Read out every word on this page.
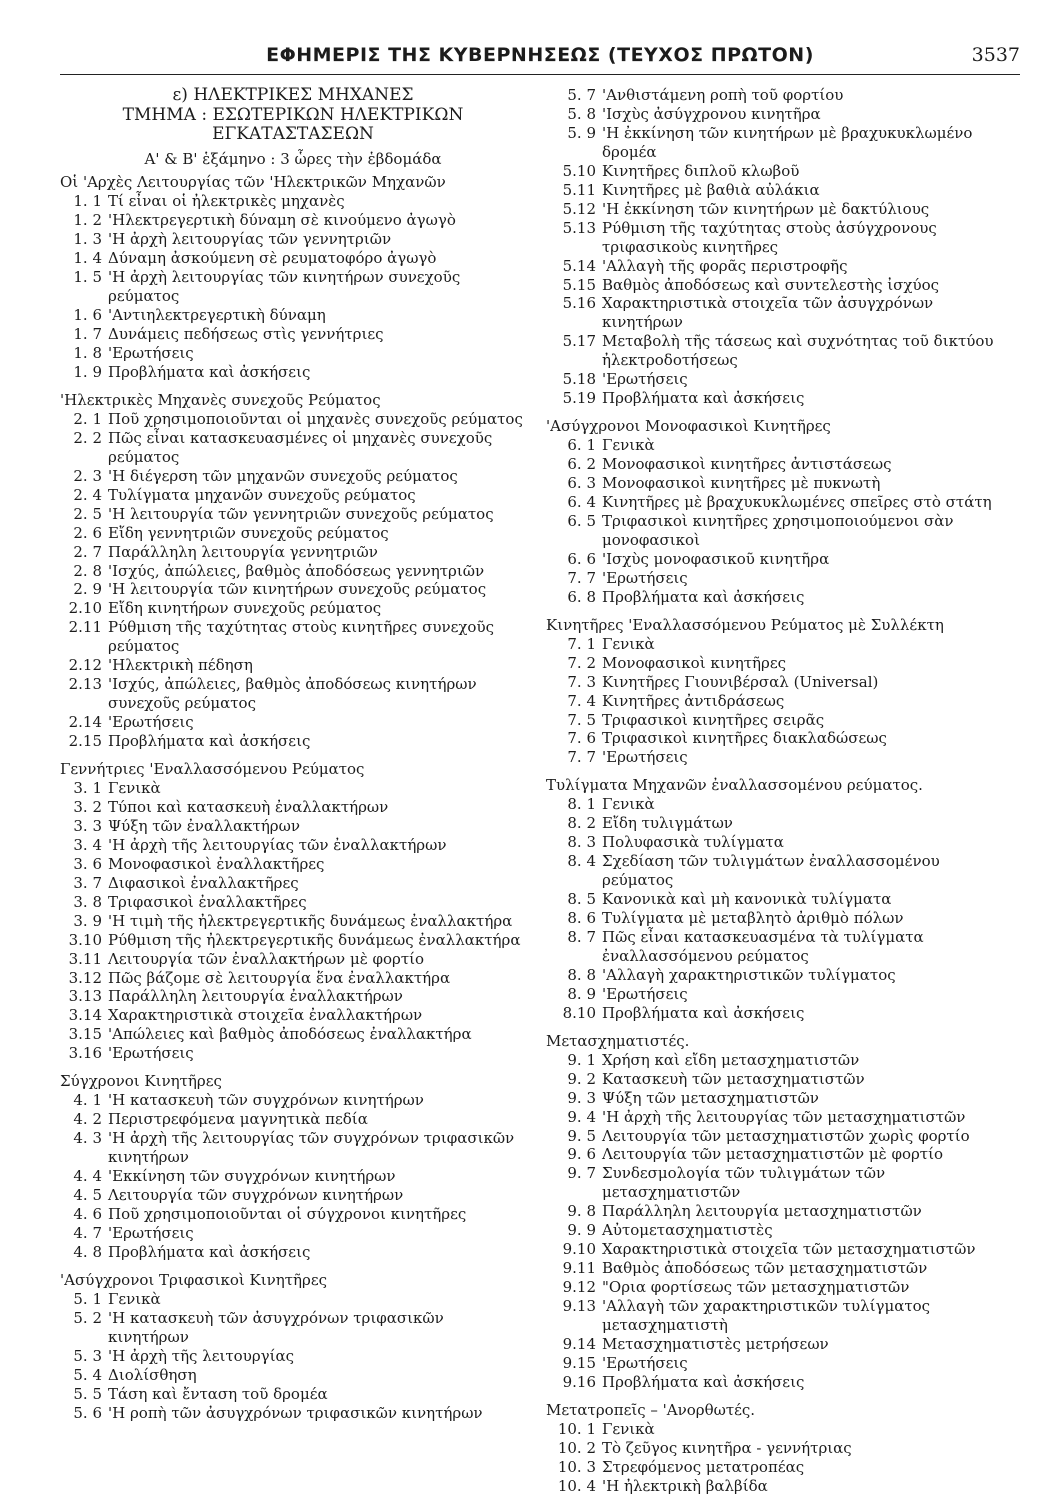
ΕΦΗΜΕΡΙΣ ΤΗΣ ΚΥΒΕΡΝΗΣΕΩΣ (ΤΕΥΧΟΣ ΠΡΩΤΟΝ)	3537
ε) ΗΛΕΚΤΡΙΚΕΣ ΜΗΧΑΝΕΣ
ΤΜΗΜΑ : ΕΣΩΤΕΡΙΚΩΝ ΗΛΕΚΤΡΙΚΩΝ
ΕΓΚΑΤΑΣΤΑΣΕΩΝ
Α' & Β' ἑξάμηνο : 3 ὧρες τὴν ἑβδομάδα
Οἱ 'Αρχὲς Λειτουργίας τῶν 'Ηλεκτρικῶν Μηχανῶν
1. 1 Τί εἶναι οἱ ἠλεκτρικὲς μηχανὲς
1. 2 'Ηλεκτρεγερτικὴ δύναμη σὲ κινούμενο ἀγωγὸ
1. 3 'Η ἀρχὴ λειτουργίας τῶν γεννητριῶν
1. 4 Δύναμη ἀσκούμενη σὲ ρευματοφόρο ἀγωγὸ
1. 5 'Η ἀρχὴ λειτουργίας τῶν κινητήρων συνεχοῦς ρεύματος
1. 6 'Αντιηλεκτρεγερτικὴ δύναμη
1. 7 Δυνάμεις πεδήσεως στὶς γεννήτριες
1. 8 'Ερωτήσεις
1. 9 Προβλήματα καὶ ἀσκήσεις
'Ηλεκτρικὲς Μηχανὲς συνεχοῦς Ρεύματος
2. 1 Ποῦ χρησιμοποιοῦνται οἱ μηχανὲς συνεχοῦς ρεύματος
2. 2 Πῶς εἶναι κατασκευασμένες οἱ μηχανὲς συνεχοῦς ρεύματος
2. 3 'Η διέγερση τῶν μηχανῶν συνεχοῦς ρεύματος
2. 4 Τυλίγματα μηχανῶν συνεχοῦς ρεύματος
2. 5 'Η λειτουργία τῶν γεννητριῶν συνεχοῦς ρεύματος
2. 6 Εἴδη γεννητριῶν συνεχοῦς ρεύματος
2. 7 Παράλληλη λειτουργία γεννητριῶν
2. 8 'Ισχύς, ἀπώλειες, βαθμὸς ἀποδόσεως γεννητριῶν
2. 9 'Η λειτουργία τῶν κινητήρων συνεχοῦς ρεύματος
2.10 Εἴδη κινητήρων συνεχοῦς ρεύματος
2.11 Ρύθμιση τῆς ταχύτητας στοὺς κινητῆρες συνεχοῦς ρεύματος
2.12 'Ηλεκτρικὴ πέδηση
2.13 'Ισχύς, ἀπώλειες, βαθμὸς ἀποδόσεως κινητήρων συνεχοῦς ρεύματος
2.14 'Ερωτήσεις
2.15 Προβλήματα καὶ ἀσκήσεις
Γεννήτριες 'Εναλλασσόμενου Ρεύματος
3. 1 Γενικὰ
3. 2 Τύποι καὶ κατασκευὴ ἐναλλακτήρων
3. 3 Ψύξη τῶν ἐναλλακτήρων
3. 4 'Η ἀρχὴ τῆς λειτουργίας τῶν ἐναλλακτήρων
3. 6 Μονοφασικοὶ ἐναλλακτῆρες
3. 7 Διφασικοὶ ἐναλλακτῆρες
3. 8 Τριφασικοὶ ἐναλλακτῆρες
3. 9 'Η τιμὴ τῆς ἠλεκτρεγερτικῆς δυνάμεως ἐναλλακτήρα
3.10 Ρύθμιση τῆς ἠλεκτρεγερτικῆς δυνάμεως ἐναλλακτήρα
3.11 Λειτουργία τῶν ἐναλλακτήρων μὲ φορτίο
3.12 Πῶς βάζομε σὲ λειτουργία ἕνα ἐναλλακτήρα
3.13 Παράλληλη λειτουργία ἐναλλακτήρων
3.14 Χαρακτηριστικὰ στοιχεῖα ἐναλλακτήρων
3.15 'Απώλειες καὶ βαθμὸς ἀποδόσεως ἐναλλακτήρα
3.16 'Ερωτήσεις
Σύγχρονοι Κινητῆρες
4. 1 'Η κατασκευὴ τῶν συγχρόνων κινητήρων
4. 2 Περιστρεφόμενα μαγνητικὰ πεδία
4. 3 'Η ἀρχὴ τῆς λειτουργίας τῶν συγχρόνων τριφασικῶν κινητήρων
4. 4 'Εκκίνηση τῶν συγχρόνων κινητήρων
4. 5 Λειτουργία τῶν συγχρόνων κινητήρων
4. 6 Ποῦ χρησιμοποιοῦνται οἱ σύγχρονοι κινητῆρες
4. 7 'Ερωτήσεις
4. 8 Προβλήματα καὶ ἀσκήσεις
'Ασύγχρονοι Τριφασικοὶ Κινητῆρες
5. 1 Γενικὰ
5. 2 'Η κατασκευὴ τῶν ἀσυγχρόνων τριφασικῶν κινητήρων
5. 3 'Η ἀρχὴ τῆς λειτουργίας
5. 4 Διολίσθηση
5. 5 Τάση καὶ ἔνταση τοῦ δρομέα
5. 6 'Η ροπὴ τῶν ἀσυγχρόνων τριφασικῶν κινητήρων
5. 7 'Ανθιστάμενη ροπὴ τοῦ φορτίου
5. 8 'Ισχὺς ἀσύγχρονου κινητῆρα
5. 9 'Η ἐκκίνηση τῶν κινητήρων μὲ βραχυκυκλωμένο δρομέα
5.10 Κινητῆρες διπλοῦ κλωβοῦ
5.11 Κινητῆρες μὲ βαθιὰ αὐλάκια
5.12 'Η ἐκκίνηση τῶν κινητήρων μὲ δακτύλιους
5.13 Ρύθμιση τῆς ταχύτητας στοὺς ἀσύγχρονους τριφασικοὺς κινητῆρες
5.14 'Αλλαγὴ τῆς φορᾶς περιστροφῆς
5.15 Βαθμὸς ἀποδόσεως καὶ συντελεστὴς ἰσχύος
5.16 Χαρακτηριστικὰ στοιχεῖα τῶν ἀσυγχρόνων κινητήρων
5.17 Μεταβολὴ τῆς τάσεως καὶ συχνότητας τοῦ δικτύου ἠλεκτροδοτήσεως
5.18 'Ερωτήσεις
5.19 Προβλήματα καὶ ἀσκήσεις
'Ασύγχρονοι Μονοφασικοὶ Κινητῆρες
6. 1 Γενικὰ
6. 2 Μονοφασικοὶ κινητῆρες ἀντιστάσεως
6. 3 Μονοφασικοὶ κινητῆρες μὲ πυκνωτὴ
6. 4 Κινητῆρες μὲ βραχυκυκλωμένες σπεῖρες στὸ στάτη
6. 5 Τριφασικοὶ κινητῆρες χρησιμοποιούμενοι σὰν μονοφασικοὶ
6. 6 'Ισχὺς μονοφασικοῦ κινητῆρα
7. 7 'Ερωτήσεις
6. 8 Προβλήματα καὶ ἀσκήσεις
Κινητῆρες 'Εναλλασσόμενου Ρεύματος μὲ Συλλέκτη
7. 1 Γενικὰ
7. 2 Μονοφασικοὶ κινητῆρες
7. 3 Κινητῆρες Γιουνιβέρσαλ (Universal)
7. 4 Κινητῆρες ἀντιδράσεως
7. 5 Τριφασικοὶ κινητῆρες σειρᾶς
7. 6 Τριφασικοὶ κινητῆρες διακλαδώσεως
7. 7 'Ερωτήσεις
Τυλίγματα Μηχανῶν ἐναλλασσομένου ρεύματος.
8. 1 Γενικὰ
8. 2 Εἴδη τυλιγμάτων
8. 3 Πολυφασικὰ τυλίγματα
8. 4 Σχεδίαση τῶν τυλιγμάτων ἐναλλασσομένου ρεύματος
8. 5 Κανονικὰ καὶ μὴ κανονικὰ τυλίγματα
8. 6 Τυλίγματα μὲ μεταβλητὸ ἀριθμὸ πόλων
8. 7 Πῶς εἶναι κατασκευασμένα τὰ τυλίγματα ἐναλλασσόμενου ρεύματος
8. 8 'Αλλαγὴ χαρακτηριστικῶν τυλίγματος
8. 9 'Ερωτήσεις
8.10 Προβλήματα καὶ ἀσκήσεις
Μετασχηματιστές.
9. 1 Χρήση καὶ εἴδη μετασχηματιστῶν
9. 2 Κατασκευὴ τῶν μετασχηματιστῶν
9. 3 Ψύξη τῶν μετασχηματιστῶν
9. 4 'Η ἀρχὴ τῆς λειτουργίας τῶν μετασχηματιστῶν
9. 5 Λειτουργία τῶν μετασχηματιστῶν χωρὶς φορτίο
9. 6 Λειτουργία τῶν μετασχηματιστῶν μὲ φορτίο
9. 7 Συνδεσμολογία τῶν τυλιγμάτων τῶν μετασχηματιστῶν
9. 8 Παράλληλη λειτουργία μετασχηματιστῶν
9. 9 Αὐτομετασχηματιστὲς
9.10 Χαρακτηριστικὰ στοιχεῖα τῶν μετασχηματιστῶν
9.11 Βαθμὸς ἀποδόσεως τῶν μετασχηματιστῶν
9.12 "Ορια φορτίσεως τῶν μετασχηματιστῶν
9.13 'Αλλαγὴ τῶν χαρακτηριστικῶν τυλίγματος μετασχηματιστὴ
9.14 Μετασχηματιστὲς μετρήσεων
9.15 'Ερωτήσεις
9.16 Προβλήματα καὶ ἀσκήσεις
Μετατροπεῖς – 'Ανορθωτές.
10. 1 Γενικὰ
10. 2 Τὸ ζεῦγος κινητῆρα - γεννήτριας
10. 3 Στρεφόμενος μετατροπέας
10. 4 'Η ἠλεκτρικὴ βαλβίδα
